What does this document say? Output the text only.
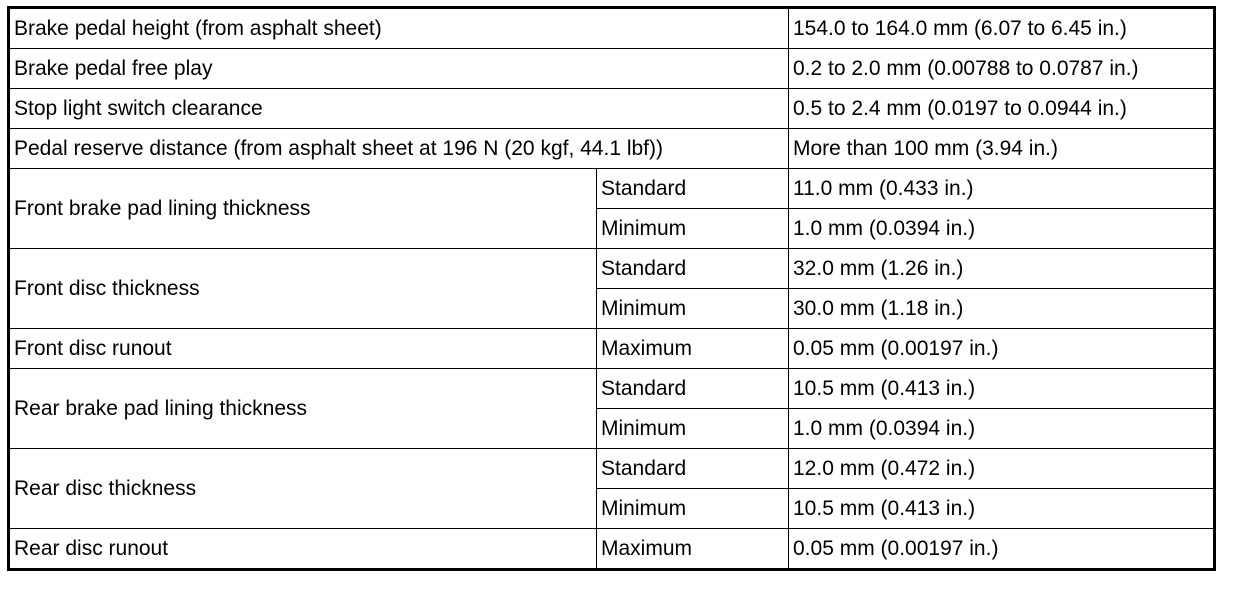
Brake pedal height (from asphalt sheet)		154.0 to 164.0 mm (6.07 to 6.45 in.)
Brake pedal free play		0.2 to 2.0 mm (0.00788 to 0.0787 in.)
Stop light switch clearance		0.5 to 2.4 mm (0.0197 to 0.0944 in.)
Pedal reserve distance (from asphalt sheet at 196 N (20 kgf, 44.1 lbf))		More than 100 mm (3.94 in.)
Front brake pad lining thickness	Standard	11.0 mm (0.433 in.)
	Minimum	1.0 mm (0.0394 in.)
Front disc thickness	Standard	32.0 mm (1.26 in.)
	Minimum	30.0 mm (1.18 in.)
Front disc runout	Maximum	0.05 mm (0.00197 in.)
Rear brake pad lining thickness	Standard	10.5 mm (0.413 in.)
	Minimum	1.0 mm (0.0394 in.)
Rear disc thickness	Standard	12.0 mm (0.472 in.)
	Minimum	10.5 mm (0.413 in.)
Rear disc runout	Maximum	0.05 mm (0.00197 in.)
